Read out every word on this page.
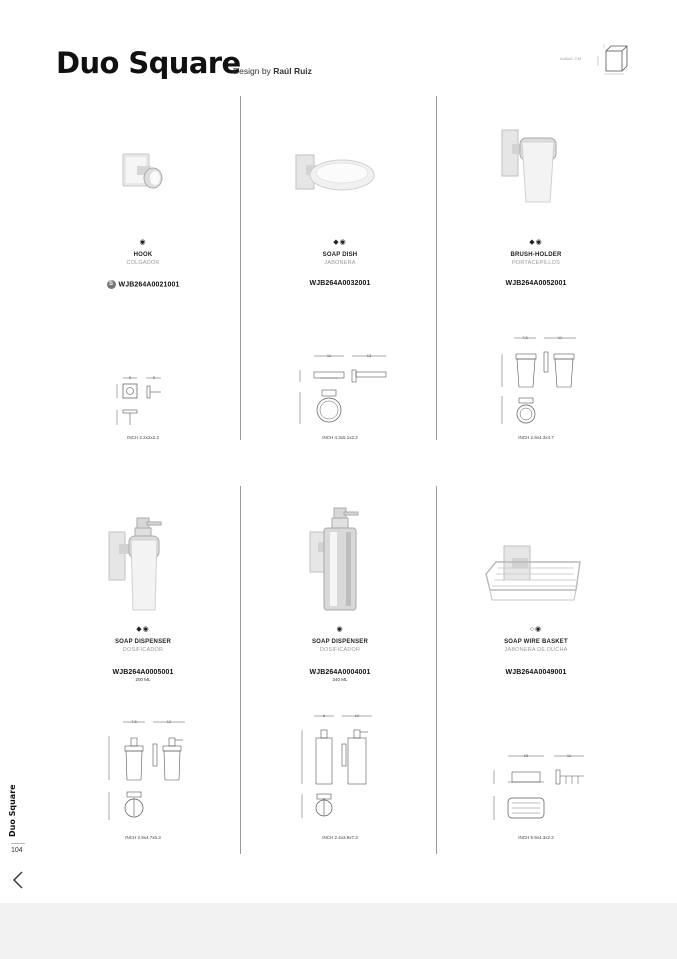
Duo Square
Design by Raúl Ruiz
AxBxC CM
◉
HOOK
COLGADOR
S WJB264A0021001
5	5
INCH 2.2x2x2.2
◆◉
SOAP DISH
JABONERA
WJB264A0032001
11	13
INCH 4.3x5.1x2.2
◆◉
BRUSH-HOLDER
PORTACEPILLOS
WJB264A0052001
7,5	11
INCH 2.9x4.3x4.7
◆◉
SOAP DISPENSER
DOSIFICADOR
WJB264A0005001
200 ML
7,5	12
INCH 2.9x4.7x6.3
◉
SOAP DISPENSER
DOSIFICADOR
WJB264A0004001
240 ML
6	10
INCH 2.4x3.9x7.3
○◉
SOAP WIRE BASKET
JABONERA DE DUCHA
WJB264A0049001
15	11
INCH 5.9x4.3x2.2
Duo Square
104
